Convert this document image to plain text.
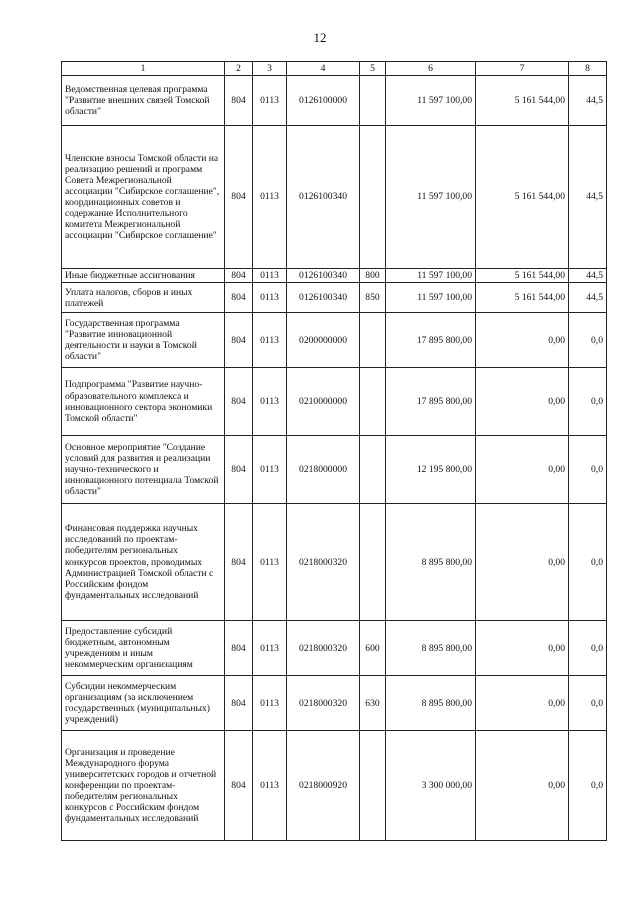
12
1	2	3	4	5	6	7	8
Ведомственная целевая программа "Развитие внешних связей Томской области"	804	0113	0126100000		11 597 100,00	5 161 544,00	44,5
Членские взносы Томской области на реализацию решений и программ Совета Межрегиональной ассоциации "Сибирское соглашение", координационных советов и содержание Исполнительного комитета Межрегиональной ассоциации "Сибирское соглашение"	804	0113	0126100340		11 597 100,00	5 161 544,00	44,5
Иные бюджетные ассигнования	804	0113	0126100340	800	11 597 100,00	5 161 544,00	44,5
Уплата налогов, сборов и иных платежей	804	0113	0126100340	850	11 597 100,00	5 161 544,00	44,5
Государственная программа "Развитие инновационной деятельности и науки в Томской области"	804	0113	0200000000		17 895 800,00	0,00	0,0
Подпрограмма "Развитие научно-образовательного комплекса и инновационного сектора экономики Томской области"	804	0113	0210000000		17 895 800,00	0,00	0,0
Основное мероприятие "Создание условий для развития и реализации научно-технического и инновационного потенциала Томской области"	804	0113	0218000000		12 195 800,00	0,00	0,0
Финансовая поддержка научных исследований по проектам-победителям региональных конкурсов проектов, проводимых Администрацией Томской области с Российским фондом фундаментальных исследований	804	0113	0218000320		8 895 800,00	0,00	0,0
Предоставление субсидий бюджетным, автономным учреждениям и иным некоммерческим организациям	804	0113	0218000320	600	8 895 800,00	0,00	0,0
Субсидии некоммерческим организациям (за исключением государственных (муниципальных) учреждений)	804	0113	0218000320	630	8 895 800,00	0,00	0,0
Организация и проведение Международного форума университетских городов и отчетной конференции по проектам-победителям региональных конкурсов с Российским фондом фундаментальных исследований	804	0113	0218000920		3 300 000,00	0,00	0,0
